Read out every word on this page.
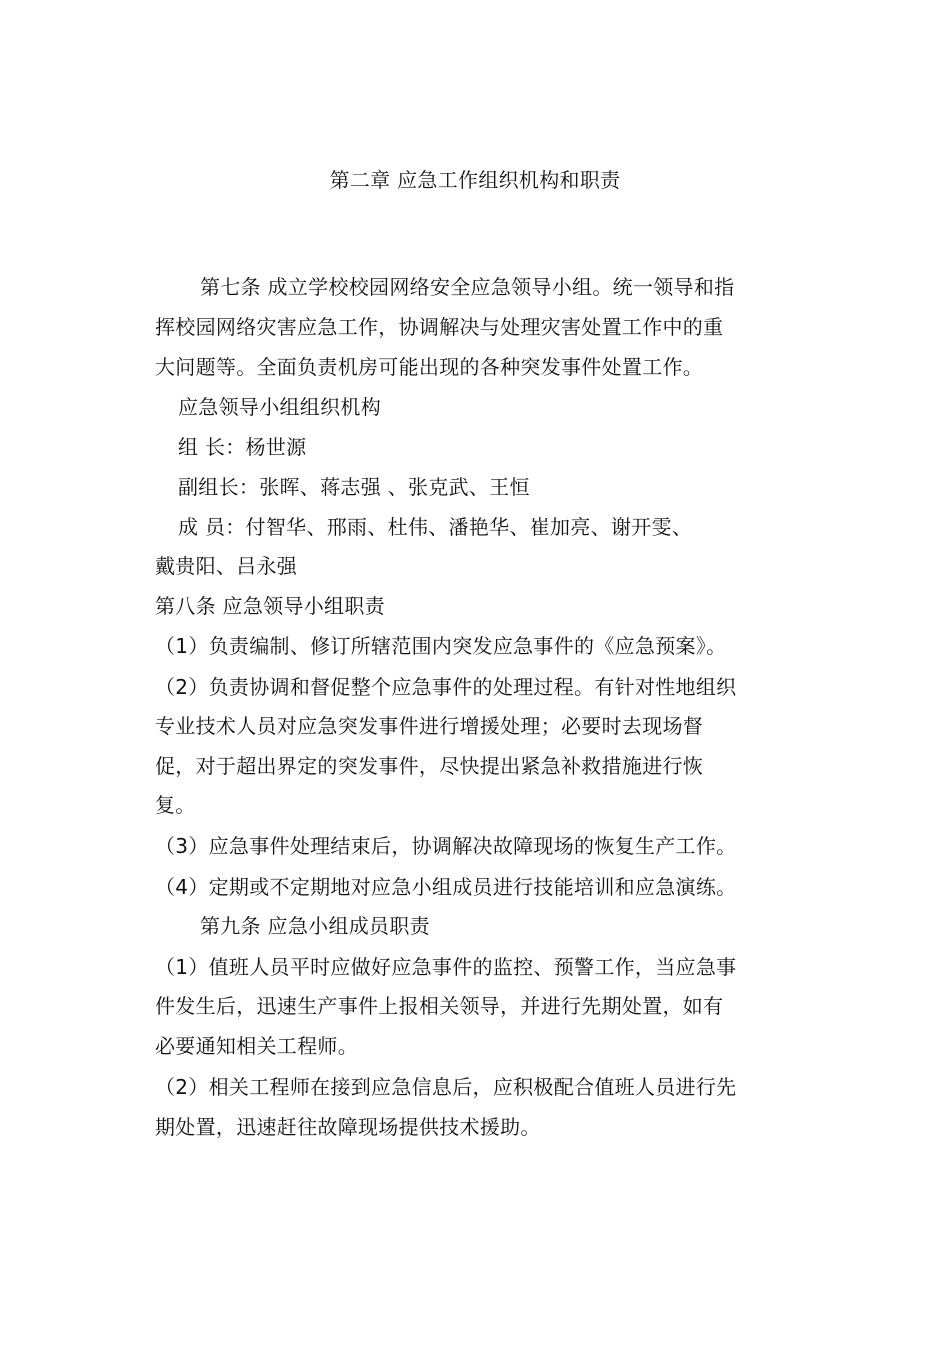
第二章 应急工作组织机构和职责
第七条 成立学校校园网络安全应急领导小组。统一领导和指
挥校园网络灾害应急工作，协调解决与处理灾害处置工作中的重
大问题等。全面负责机房可能出现的各种突发事件处置工作。
应急领导小组组织机构
组 长：杨世源
副组长：张晖、蒋志强 、张克武、王恒
成 员：付智华、邢雨、杜伟、潘艳华、崔加亮、谢开雯、
戴贵阳、吕永强
第八条 应急领导小组职责
（1）负责编制、修订所辖范围内突发应急事件的《应急预案》。
（2）负责协调和督促整个应急事件的处理过程。有针对性地组织
专业技术人员对应急突发事件进行增援处理；必要时去现场督
促，对于超出界定的突发事件，尽快提出紧急补救措施进行恢
复。
（3）应急事件处理结束后，协调解决故障现场的恢复生产工作。
（4）定期或不定期地对应急小组成员进行技能培训和应急演练。
第九条 应急小组成员职责
（1）值班人员平时应做好应急事件的监控、预警工作，当应急事
件发生后，迅速生产事件上报相关领导，并进行先期处置，如有
必要通知相关工程师。
（2）相关工程师在接到应急信息后，应积极配合值班人员进行先
期处置，迅速赶往故障现场提供技术援助。
